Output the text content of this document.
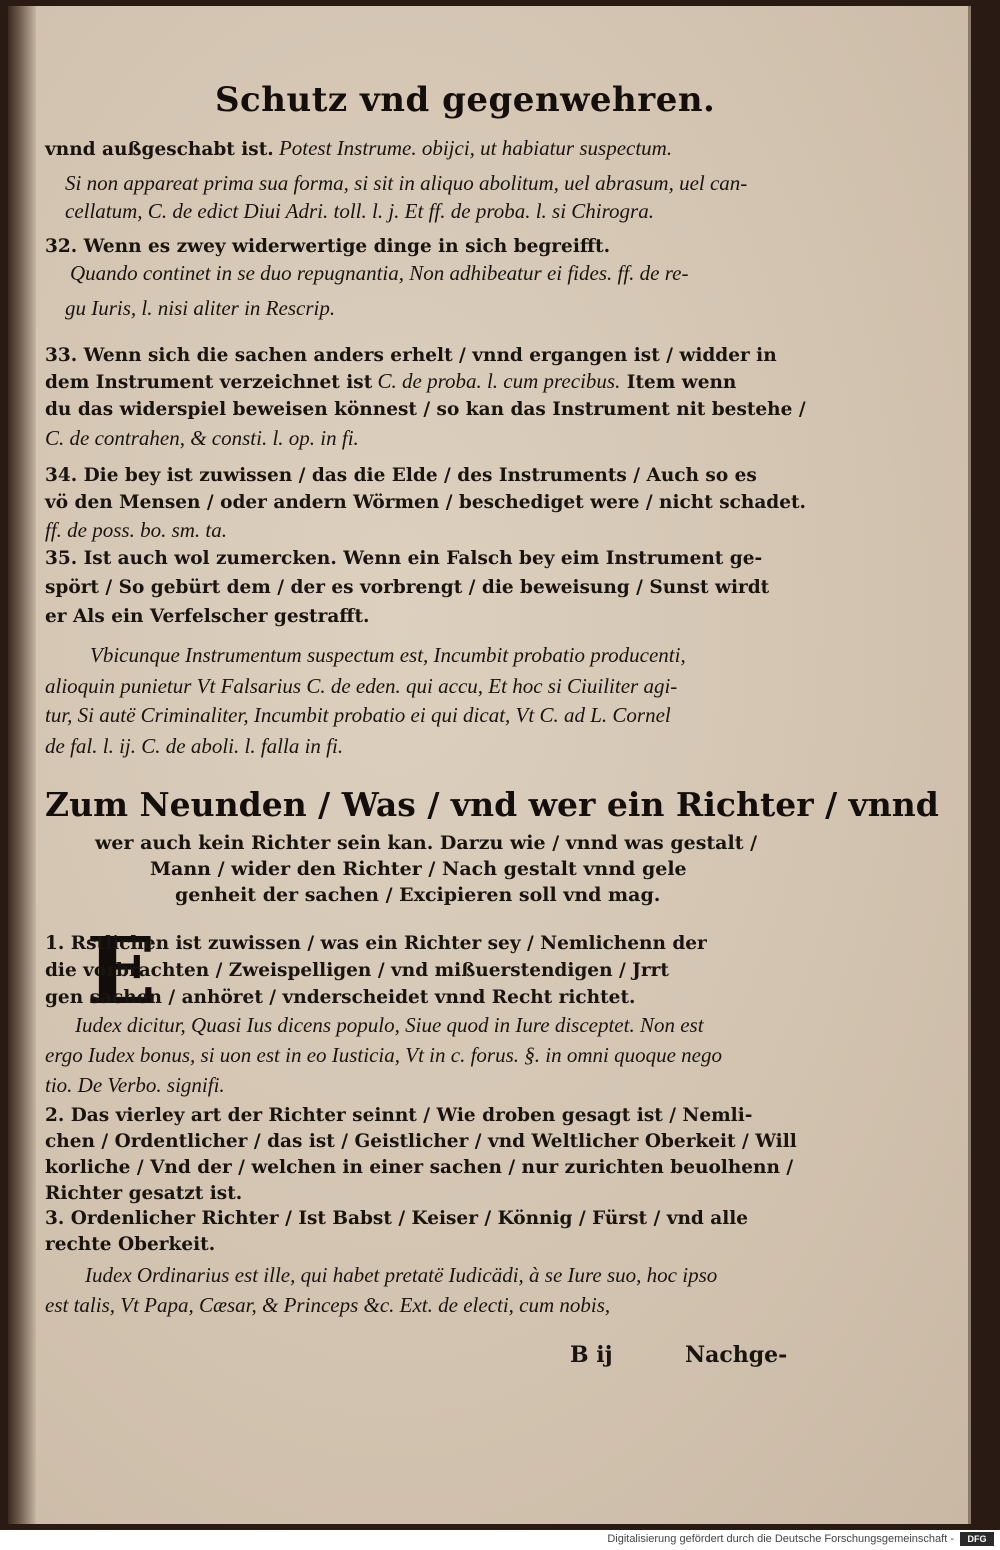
Schutz vnd gegenwehren.
vnnd außgeschabt ist. Potest Instrume. obijci, ut habiatur suspectum.
Si non appareat prima sua forma, si sit in aliquo abolitum, uel abrasum, uel can-
cellatum, C. de edict Diui Adri. toll. l. j. Et ff. de proba. l. si Chirogra.
32. Wenn es zwey widerwertige dinge in sich begreifft.
Quando continet in se duo repugnantia, Non adhibeatur ei fides. ff. de re-
gu Iuris, l. nisi aliter in Rescrip.
33. Wenn sich die sachen anders erhelt / vnnd ergangen ist / widder in
dem Instrument verzeichnet ist C. de proba. l. cum precibus. Item wenn
du das widerspiel beweisen könnest / so kan das Instrument nit bestehe /
C. de contrahen, & consti. l. op. in fi.
34. Die bey ist zuwissen / das die Elde / des Instruments / Auch so es
vö den Mensen / oder andern Wörmen / beschediget were / nicht schadet.
ff. de poss. bo. sm. ta.
35. Ist auch wol zumercken. Wenn ein Falsch bey eim Instrument ge-
spört / So gebürt dem / der es vorbrengt / die beweisung / Sunst wirdt
er Als ein Verfelscher gestrafft.
Vbicunque Instrumentum suspectum est, Incumbit probatio producenti,
alioquin punietur Vt Falsarius C. de eden. qui accu, Et hoc si Ciuiliter agi-
tur, Si autë Criminaliter, Incumbit probatio ei qui dicat, Vt C. ad L. Cornel
de fal. l. ij. C. de aboli. l. falla in fi.
Zum Neunden / Was / vnd wer ein Richter / vnnd
wer auch kein Richter sein kan. Darzu wie / vnnd was gestalt /
Mann / wider den Richter / Nach gestalt vnnd gele
genheit der sachen / Excipieren soll vnd mag.
E
1. Rstlichen ist zuwissen / was ein Richter sey / Nemlichenn der
die vorbrachten / Zweispelligen / vnd mißuerstendigen / Jrrt
gen sachen / anhöret / vnderscheidet vnnd Recht richtet.
Iudex dicitur, Quasi Ius dicens populo, Siue quod in Iure disceptet. Non est
ergo Iudex bonus, si uon est in eo Iusticia, Vt in c. forus. §. in omni quoque nego
tio. De Verbo. signifi.
2. Das vierley art der Richter seinnt / Wie droben gesagt ist / Nemli-
chen / Ordentlicher / das ist / Geistlicher / vnd Weltlicher Oberkeit / Will
korliche / Vnd der / welchen in einer sachen / nur zurichten beuolhenn /
Richter gesatzt ist.
3. Ordenlicher Richter / Ist Babst / Keiser / Könnig / Fürst / vnd alle
rechte Oberkeit.
Iudex Ordinarius est ille, qui habet pretatë Iudicädi, à se Iure suo, hoc ipso
est talis, Vt Papa, Cæsar, & Princeps &c. Ext. de electi, cum nobis,
B ij	Nachge-
Digitalisierung gefördert durch die Deutsche Forschungsgemeinschaft -	DFG
